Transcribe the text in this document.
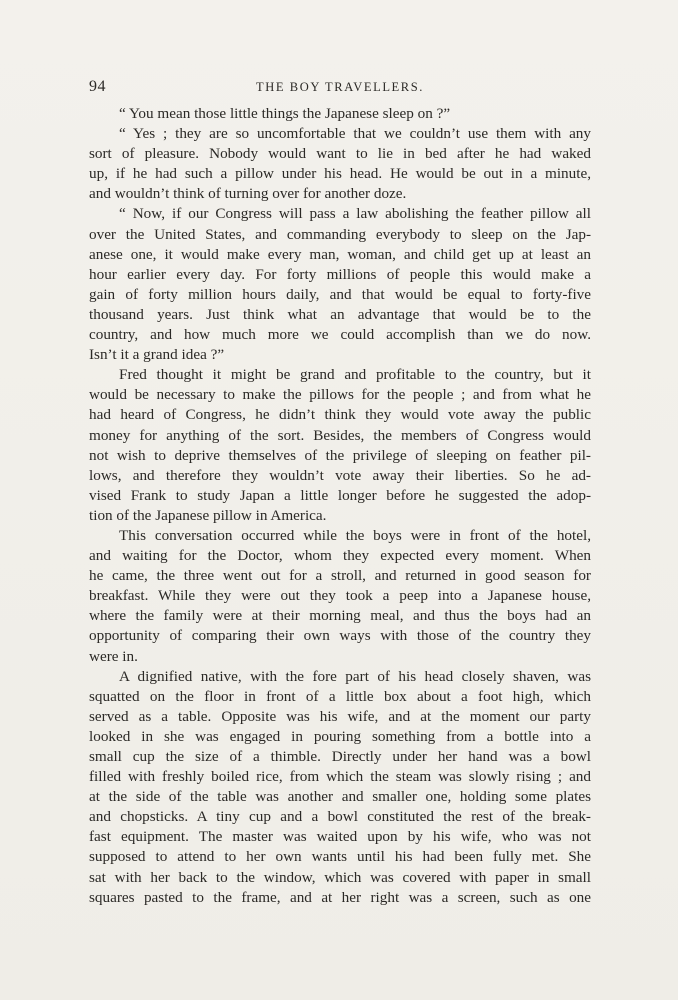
94	THE BOY TRAVELLERS.
“ You mean those little things the Japanese sleep on ?”
“ Yes ; they are so uncomfortable that we couldn’t use them with any
sort of pleasure. Nobody would want to lie in bed after he had waked
up, if he had such a pillow under his head. He would be out in a minute,
and wouldn’t think of turning over for another doze.
“ Now, if our Congress will pass a law abolishing the feather pillow all
over the United States, and commanding everybody to sleep on the Jap-
anese one, it would make every man, woman, and child get up at least an
hour earlier every day. For forty millions of people this would make a
gain of forty million hours daily, and that would be equal to forty-five
thousand years. Just think what an advantage that would be to the
country, and how much more we could accomplish than we do now.
Isn’t it a grand idea ?”
Fred thought it might be grand and profitable to the country, but it
would be necessary to make the pillows for the people ; and from what he
had heard of Congress, he didn’t think they would vote away the public
money for anything of the sort. Besides, the members of Congress would
not wish to deprive themselves of the privilege of sleeping on feather pil-
lows, and therefore they wouldn’t vote away their liberties. So he ad-
vised Frank to study Japan a little longer before he suggested the adop-
tion of the Japanese pillow in America.
This conversation occurred while the boys were in front of the hotel,
and waiting for the Doctor, whom they expected every moment. When
he came, the three went out for a stroll, and returned in good season for
breakfast. While they were out they took a peep into a Japanese house,
where the family were at their morning meal, and thus the boys had an
opportunity of comparing their own ways with those of the country they
were in.
A dignified native, with the fore part of his head closely shaven, was
squatted on the floor in front of a little box about a foot high, which
served as a table. Opposite was his wife, and at the moment our party
looked in she was engaged in pouring something from a bottle into a
small cup the size of a thimble. Directly under her hand was a bowl
filled with freshly boiled rice, from which the steam was slowly rising ; and
at the side of the table was another and smaller one, holding some plates
and chopsticks. A tiny cup and a bowl constituted the rest of the break-
fast equipment. The master was waited upon by his wife, who was not
supposed to attend to her own wants until his had been fully met. She
sat with her back to the window, which was covered with paper in small
squares pasted to the frame, and at her right was a screen, such as one
